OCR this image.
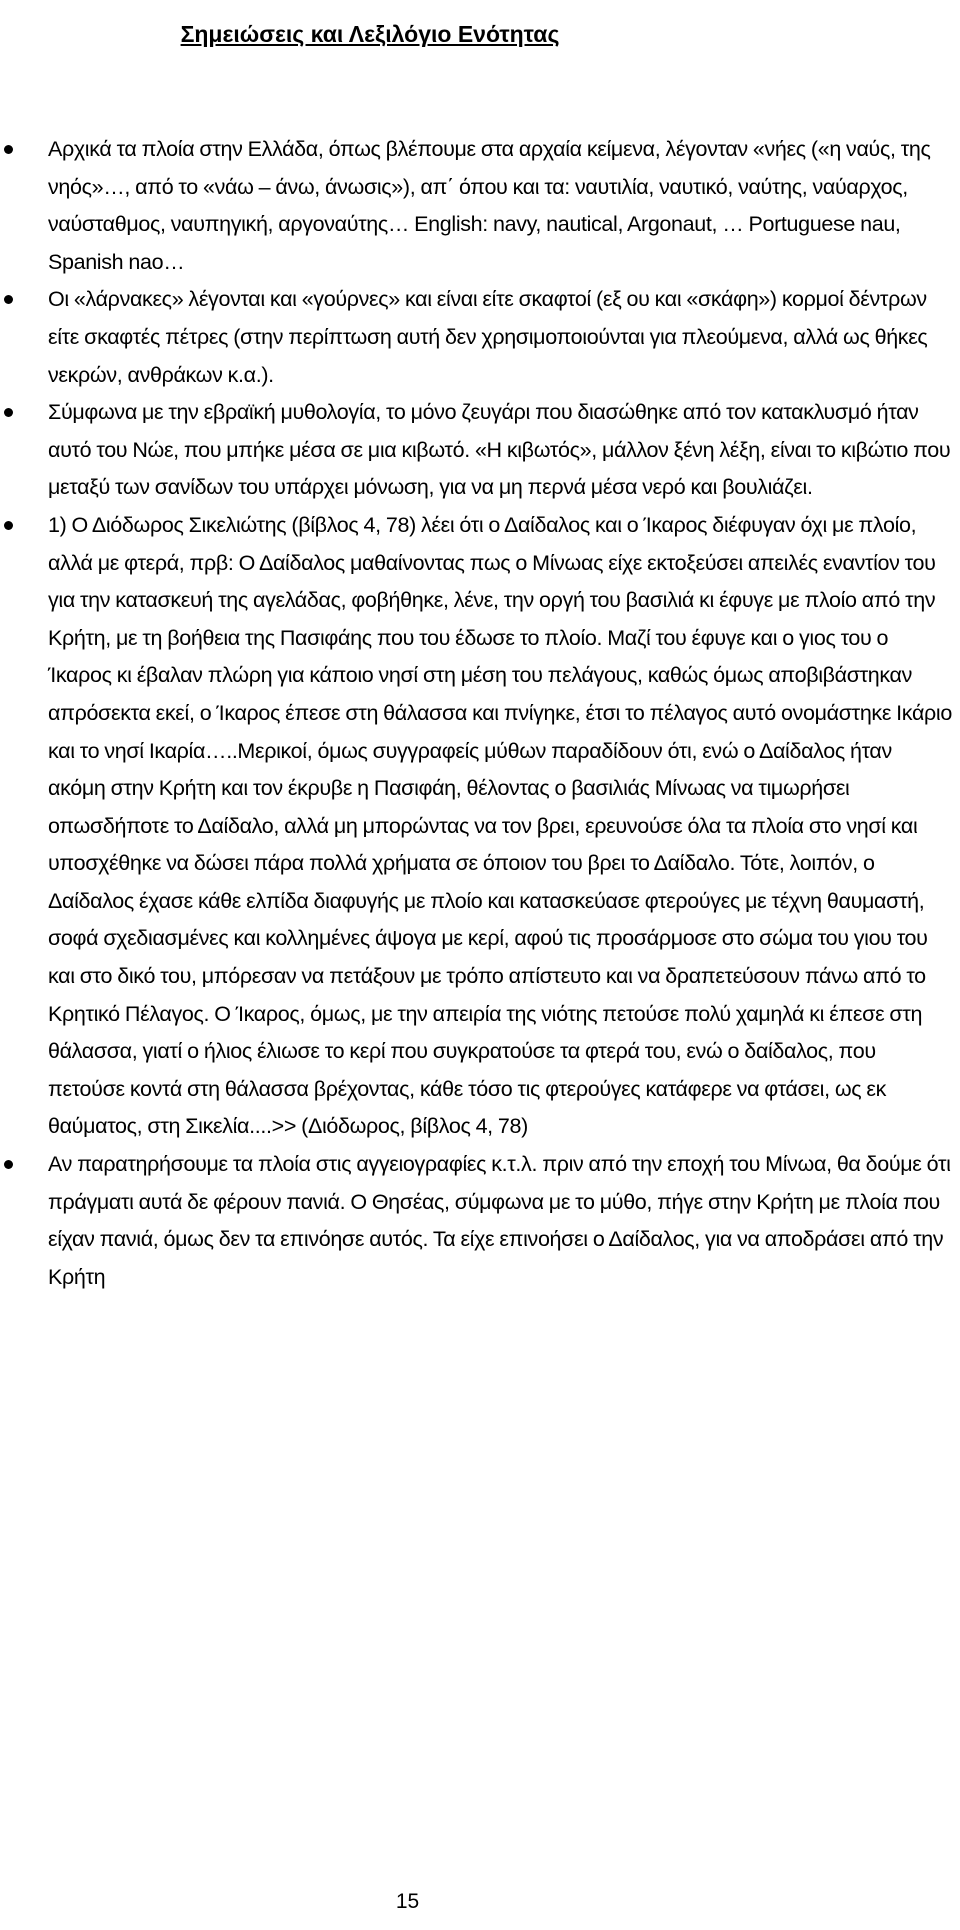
Σημειώσεις και Λεξιλόγιο Ενότητας
Αρχικά τα πλοία στην Ελλάδα, όπως βλέπουμε στα αρχαία κείμενα, λέγονταν «νήες («η ναύς, της νηός»…, από το «νάω – άνω, άνωσις»), απ΄ όπου και τα: ναυτιλία, ναυτικό, ναύτης, ναύαρχος, ναύσταθμος, ναυπηγική, αργοναύτης… English: navy, nautical, Argonaut, … Portuguese nau, Spanish nao…
Οι «λάρνακες» λέγονται και «γούρνες» και είναι είτε σκαφτοί (εξ ου και «σκάφη») κορμοί δέντρων είτε σκαφτές πέτρες (στην περίπτωση αυτή δεν χρησιμοποιούνται για πλεούμενα, αλλά ως θήκες νεκρών, ανθράκων κ.α.).
Σύμφωνα με την εβραϊκή μυθολογία, το μόνο ζευγάρι που διασώθηκε από τον κατακλυσμό ήταν αυτό του Νώε, που μπήκε μέσα σε μια κιβωτό. «Η κιβωτός», μάλλον ξένη λέξη, είναι το κιβώτιο που μεταξύ των σανίδων του υπάρχει μόνωση, για να μη περνά μέσα νερό και βουλιάζει.
1) Ο Διόδωρος Σικελιώτης (βίβλος 4, 78) λέει ότι ο Δαίδαλος και ο Ίκαρος διέφυγαν όχι με πλοίο, αλλά με φτερά, πρβ: Ο Δαίδαλος μαθαίνοντας πως ο Μίνωας είχε εκτοξεύσει απειλές εναντίον του για την κατασκευή της αγελάδας, φοβήθηκε, λένε, την οργή του βασιλιά κι έφυγε με πλοίο από την Κρήτη, με τη βοήθεια της Πασιφάης που του έδωσε το πλοίο. Μαζί του έφυγε και ο γιος του ο Ίκαρος κι έβαλαν πλώρη για κάποιο νησί στη μέση του πελάγους, καθώς όμως αποβιβάστηκαν απρόσεκτα εκεί, ο Ίκαρος έπεσε στη θάλασσα και πνίγηκε, έτσι το πέλαγος αυτό ονομάστηκε Ικάριο και το νησί Ικαρία…..Μερικοί, όμως συγγραφείς μύθων παραδίδουν ότι, ενώ ο Δαίδαλος ήταν ακόμη στην Κρήτη και τον έκρυβε η Πασιφάη, θέλοντας ο βασιλιάς Μίνωας να τιμωρήσει οπωσδήποτε το Δαίδαλο, αλλά μη μπορώντας να τον βρει, ερευνούσε όλα τα πλοία στο νησί και υποσχέθηκε να δώσει πάρα πολλά χρήματα σε όποιον του βρει το Δαίδαλο. Τότε, λοιπόν, ο Δαίδαλος έχασε κάθε ελπίδα διαφυγής με πλοίο και κατασκεύασε φτερούγες με τέχνη θαυμαστή, σοφά σχεδιασμένες και κολλημένες άψογα με κερί, αφού τις προσάρμοσε στο σώμα του γιου του και στο δικό του, μπόρεσαν να πετάξουν με τρόπο απίστευτο και να δραπετεύσουν πάνω από το Κρητικό Πέλαγος. Ο Ίκαρος, όμως, με την απειρία της νιότης πετούσε πολύ χαμηλά κι έπεσε στη θάλασσα, γιατί ο ήλιος έλιωσε το κερί που συγκρατούσε τα φτερά του, ενώ ο δαίδαλος, που πετούσε κοντά στη θάλασσα βρέχοντας, κάθε τόσο τις φτερούγες κατάφερε να φτάσει, ως εκ θαύματος, στη Σικελία....>> (Διόδωρος, βίβλος 4, 78)
Αν παρατηρήσουμε τα πλοία στις αγγειογραφίες κ.τ.λ. πριν από την εποχή του Μίνωα, θα δούμε ότι πράγματι αυτά δε φέρουν πανιά. Ο Θησέας, σύμφωνα με το μύθο, πήγε στην Κρήτη με πλοία που είχαν πανιά, όμως δεν τα επινόησε αυτός. Τα είχε επινοήσει ο Δαίδαλος, για να αποδράσει από την Κρήτη
15
